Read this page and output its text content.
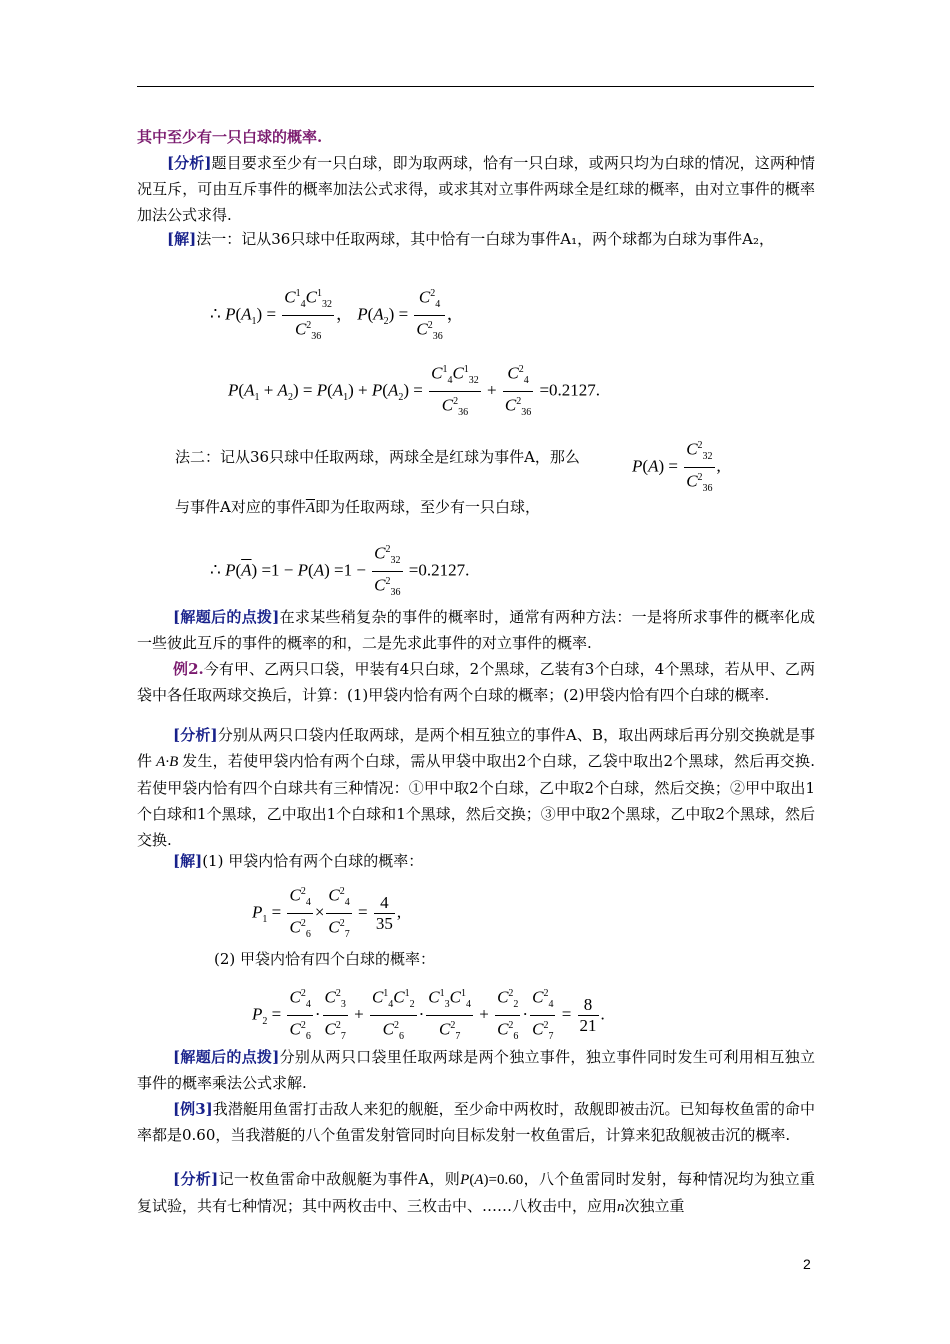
其中至少有一只白球的概率.
[分析]题目要求至少有一只白球，即为取两球，恰有一只白球，或两只均为白球的情况，这两种情况互斥，可由互斥事件的概率加法公式求得，或求其对立事件两球全是红球的概率，由对立事件的概率加法公式求得.
[解]法一：记从36只球中任取两球，其中恰有一白球为事件A₁，两个球都为白球为事件A₂，
∴ $P(A_1) = \frac{C^1_4C^1_{32}}{C^2_{36}}$ ， $P(A_2) = \frac{C^2_4}{C^2_{36}}$ ，
$P(A_1 + A_2) = P(A_1) + P(A_2) = \frac{C^1_4C^1_{32}}{C^2_{36}} + \frac{C^2_4}{C^2_{36}} =0.2127$.
法二：记从36只球中任取两球，两球全是红球为事件A，那么	$P(A) = \frac{C^2_{32}}{C^2_{36}}$ ,
与事件A对应的事件$\overline{A}$即为任取两球，至少有一只白球，
∴ $P(\overline{A}) =1 - P(A) =1 - \frac{C^2_{32}}{C^2_{36}} =0.2127$.
[解题后的点拨]在求某些稍复杂的事件的概率时，通常有两种方法：一是将所求事件的概率化成一些彼此互斥的事件的概率的和，二是先求此事件的对立事件的概率.
例2.今有甲、乙两只口袋，甲装有4只白球，2个黑球，乙装有3个白球，4个黑球，若从甲、乙两袋中各任取两球交换后，计算：(1)甲袋内恰有两个白球的概率；(2)甲袋内恰有四个白球的概率.
[分析]分别从两只口袋内任取两球，是两个相互独立的事件A、B，取出两球后再分别交换就是事件 A·B 发生，若使甲袋内恰有两个白球，需从甲袋中取出2个白球，乙袋中取出2个黑球，然后再交换.若使甲袋内恰有四个白球共有三种情况：①甲中取2个白球，乙中取2个白球，然后交换；②甲中取出1个白球和1个黑球，乙中取出1个白球和1个黑球，然后交换；③甲中取2个黑球，乙中取2个黑球，然后交换.
[解](1) 甲袋内恰有两个白球的概率：
$P_1 = \frac{C^2_4}{C^2_6} \times \frac{C^2_4}{C^2_7} = \frac{4}{35}$ ,
(2) 甲袋内恰有四个白球的概率：
$P_2 = \frac{C^2_4}{C^2_6} \cdot \frac{C^2_3}{C^2_7} + \frac{C^1_4C^1_2}{C^2_6} \cdot \frac{C^1_3C^1_4}{C^2_7} + \frac{C^2_2}{C^2_6} \cdot \frac{C^2_4}{C^2_7} = \frac{8}{21}$ .
[解题后的点拨]分别从两只口袋里任取两球是两个独立事件，独立事件同时发生可利用相互独立事件的概率乘法公式求解.
[例3]我潜艇用鱼雷打击敌人来犯的舰艇，至少命中两枚时，敌舰即被击沉。已知每枚鱼雷的命中率都是0.60，当我潜艇的八个鱼雷发射管同时向目标发射一枚鱼雷后，计算来犯敌舰被击沉的概率.
[分析]记一枚鱼雷命中敌舰艇为事件A，则P(A)=0.60，八个鱼雷同时发射，每种情况均为独立重复试验，共有七种情况；其中两枚击中、三枚击中、……八枚击中，应用n次独立重
2
